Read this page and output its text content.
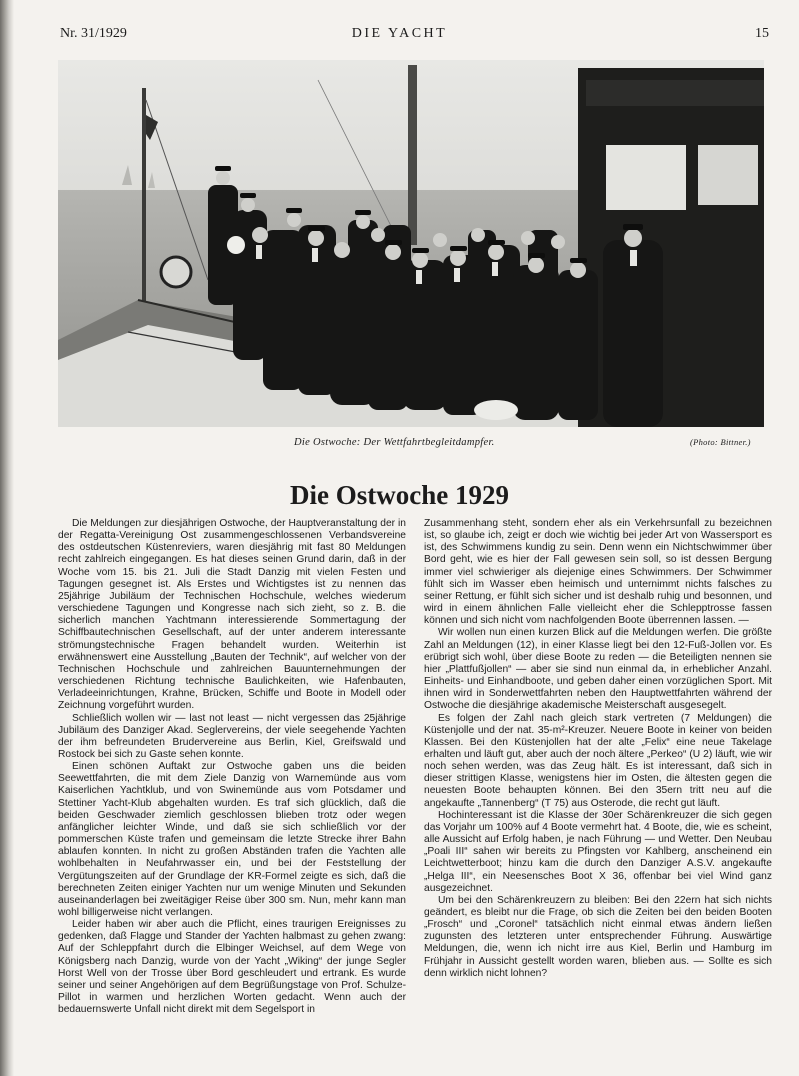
Nr. 31/1929	DIE YACHT	15
Die Ostwoche: Der Wettfahrtbegleitdampfer.	(Photo: Bittner.)
Die Ostwoche 1929

Die Meldungen zur diesjährigen Ostwoche, der Hauptveranstaltung der in der Regatta-Vereinigung Ost zusammengeschlossenen Verbandsvereine des ostdeutschen Küstenreviers, waren diesjährig mit fast 80 Meldungen recht zahlreich eingegangen. Es hat dieses seinen Grund darin, daß in der Woche vom 15. bis 21. Juli die Stadt Danzig mit vielen Festen und Tagungen gesegnet ist. Als Erstes und Wichtigstes ist zu nennen das 25jährige Jubiläum der Technischen Hochschule, welches wiederum verschiedene Tagungen und Kongresse nach sich zieht, so z. B. die sicherlich manchen Yachtmann interessierende Sommertagung der Schiffbautechnischen Gesellschaft, auf der unter anderem interessante strömungstechnische Fragen behandelt wurden. Weiterhin ist erwähnenswert eine Ausstellung „Bauten der Technik“, auf welcher von der Technischen Hochschule und zahlreichen Bauunternehmungen der verschiedenen Richtung technische Baulichkeiten, wie Hafenbauten, Verladeeinrichtungen, Krahne, Brücken, Schiffe und Boote in Modell oder Zeichnung vorgeführt wurden.

Schließlich wollen wir — last not least — nicht vergessen das 25jährige Jubiläum des Danziger Akad. Seglervereins, der viele seegehende Yachten der ihm befreundeten Brudervereine aus Berlin, Kiel, Greifswald und Rostock bei sich zu Gaste sehen konnte.

Einen schönen Auftakt zur Ostwoche gaben uns die beiden Seewettfahrten, die mit dem Ziele Danzig von Warnemünde aus vom Kaiserlichen Yachtklub, und von Swinemünde aus vom Potsdamer und Stettiner Yacht-Klub abgehalten wurden. Es traf sich glücklich, daß die beiden Geschwader ziemlich geschlossen blieben trotz oder wegen anfänglicher leichter Winde, und daß sie sich schließlich vor der pommerschen Küste trafen und gemeinsam die letzte Strecke ihrer Bahn ablaufen konnten. In nicht zu großen Abständen trafen die Yachten alle wohlbehalten in Neufahrwasser ein, und bei der Feststellung der Vergütungszeiten auf der Grundlage der KR-Formel zeigte es sich, daß die berechneten Zeiten einiger Yachten nur um wenige Minuten und Sekunden auseinanderlagen bei zweitägiger Reise über 300 sm. Nun, mehr kann man wohl billigerweise nicht verlangen.

Leider haben wir aber auch die Pflicht, eines traurigen Ereignisses zu gedenken, daß Flagge und Stander der Yachten halbmast zu gehen zwang: Auf der Schleppfahrt durch die Elbinger Weichsel, auf dem Wege von Königsberg nach Danzig, wurde von der Yacht „Wiking“ der junge Segler Horst Well von der Trosse über Bord geschleudert und ertrank. Es wurde seiner und seiner Angehörigen auf dem Begrüßungstage von Prof. Schulze-Pillot in warmen und herzlichen Worten gedacht. Wenn auch der bedauernswerte Unfall nicht direkt mit dem Segelsport in

Zusammenhang steht, sondern eher als ein Verkehrsunfall zu bezeichnen ist, so glaube ich, zeigt er doch wie wichtig bei jeder Art von Wassersport es ist, des Schwimmens kundig zu sein. Denn wenn ein Nichtschwimmer über Bord geht, wie es hier der Fall gewesen sein soll, so ist dessen Bergung immer viel schwieriger als diejenige eines Schwimmers. Der Schwimmer fühlt sich im Wasser eben heimisch und unternimmt nichts falsches zu seiner Rettung, er fühlt sich sicher und ist deshalb ruhig und besonnen, und wird in einem ähnlichen Falle vielleicht eher die Schlepptrosse fassen können und sich nicht vom nachfolgenden Boote überrennen lassen. —

Wir wollen nun einen kurzen Blick auf die Meldungen werfen. Die größte Zahl an Meldungen (12), in einer Klasse liegt bei den 12-Fuß-Jollen vor. Es erübrigt sich wohl, über diese Boote zu reden — die Beteiligten nennen sie hier „Plattfußjollen“ — aber sie sind nun einmal da, in erheblicher Anzahl. Einheits- und Einhandboote, und geben daher einen vorzüglichen Sport. Mit ihnen wird in Sonderwettfahrten neben den Hauptwettfahrten während der Ostwoche die diesjährige akademische Meisterschaft ausgesegelt.

Es folgen der Zahl nach gleich stark vertreten (7 Meldungen) die Küstenjolle und der nat. 35-m²-Kreuzer. Neuere Boote in keiner von beiden Klassen. Bei den Küstenjollen hat der alte „Felix“ eine neue Takelage erhalten und läuft gut, aber auch der noch ältere „Perkeo“ (U 2) läuft, wie wir noch sehen werden, was das Zeug hält. Es ist interessant, daß sich in dieser strittigen Klasse, wenigstens hier im Osten, die ältesten gegen die neuesten Boote behaupten können. Bei den 35ern tritt neu auf die angekaufte „Tannenberg“ (T 75) aus Osterode, die recht gut läuft.

Hochinteressant ist die Klasse der 30er Schärenkreuzer die sich gegen das Vorjahr um 100% auf 4 Boote vermehrt hat. 4 Boote, die, wie es scheint, alle Aussicht auf Erfolg haben, je nach Führung — und Wetter. Den Neubau „Poali III“ sahen wir bereits zu Pfingsten vor Kahlberg, anscheinend ein Leichtwetterboot; hinzu kam die durch den Danziger A.S.V. angekaufte „Helga III“, ein Neesensches Boot X 36, offenbar bei viel Wind ganz ausgezeichnet.

Um bei den Schärenkreuzern zu bleiben: Bei den 22ern hat sich nichts geändert, es bleibt nur die Frage, ob sich die Zeiten bei den beiden Booten „Frosch“ und „Coronel“ tatsächlich nicht einmal etwas ändern ließen zugunsten des letzteren unter entsprechender Führung. Auswärtige Meldungen, die, wenn ich nicht irre aus Kiel, Berlin und Hamburg im Frühjahr in Aussicht gestellt worden waren, blieben aus. — Sollte es sich denn wirklich nicht lohnen?
